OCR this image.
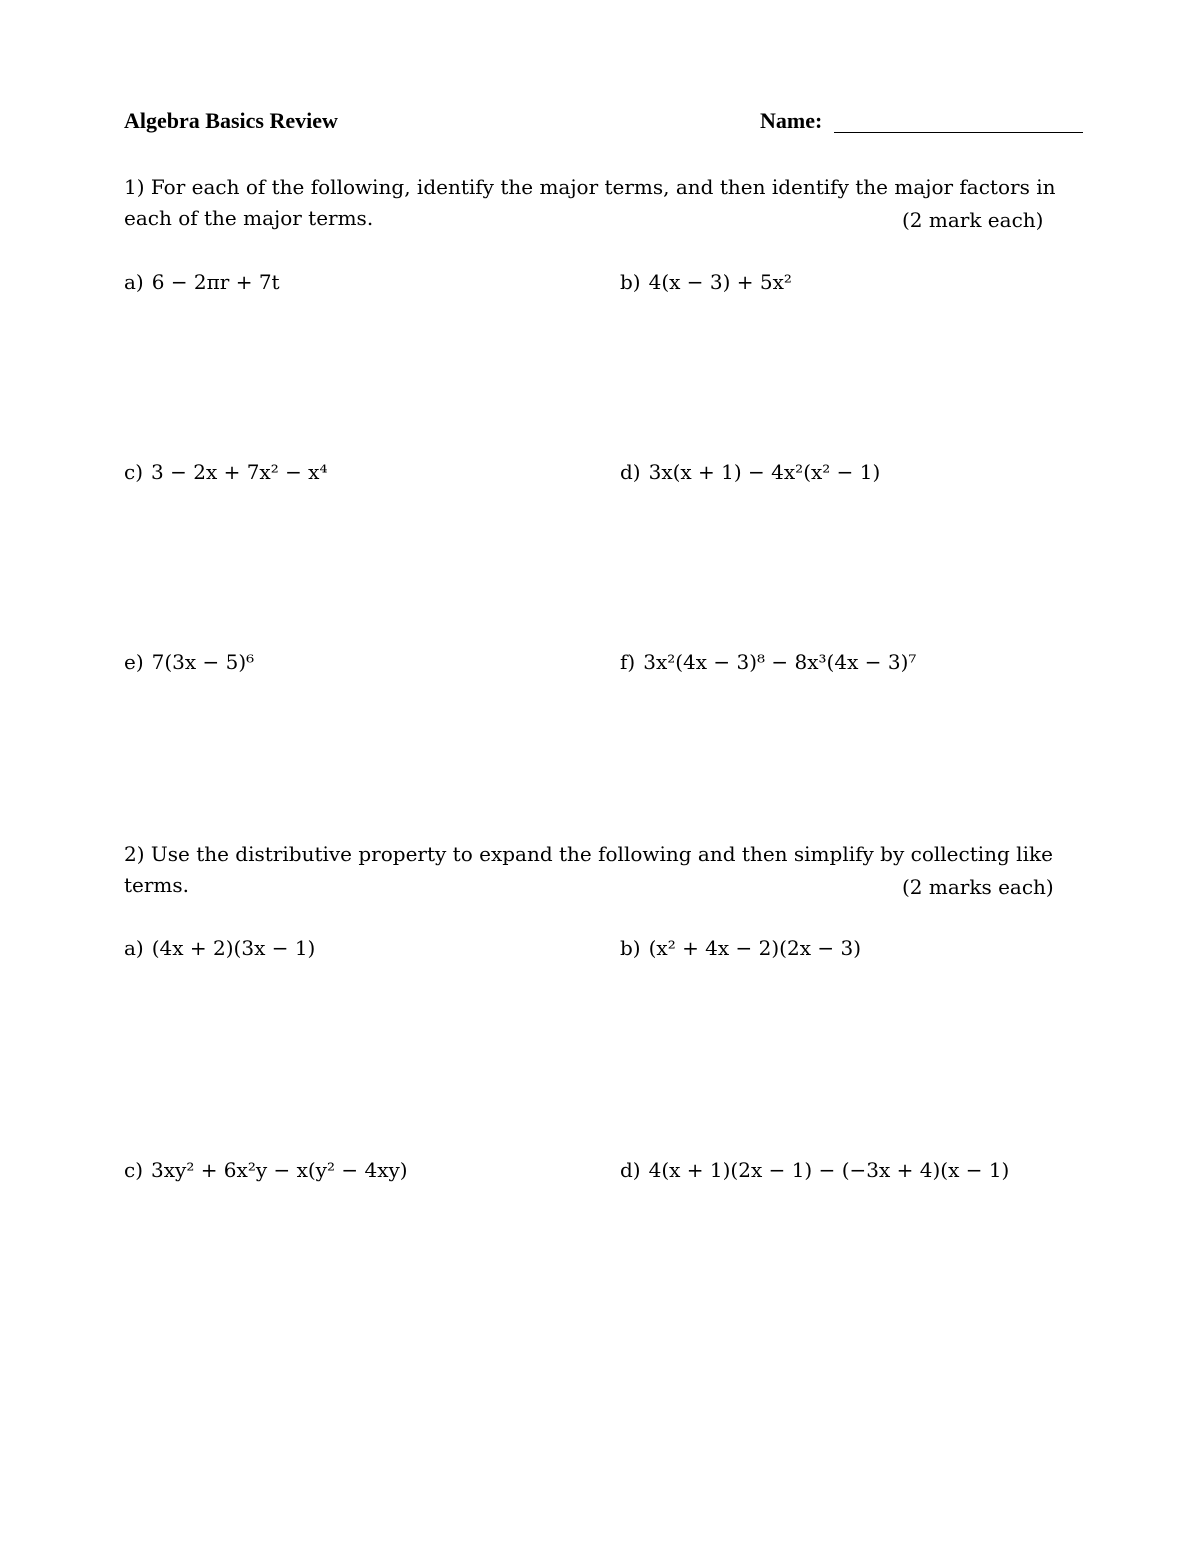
Algebra Basics Review	Name:
1) For each of the following, identify the major terms, and then identify the major factors in
each of the major terms.	(2 mark each)
a) 6 − 2πr + 7t	b) 4(x − 3) + 5x²
c) 3 − 2x + 7x² − x⁴	d) 3x(x + 1) − 4x²(x² − 1)
e) 7(3x − 5)⁶	f) 3x²(4x − 3)⁸ − 8x³(4x − 3)⁷
2) Use the distributive property to expand the following and then simplify by collecting like
terms.	(2 marks each)
a) (4x + 2)(3x − 1)	b) (x² + 4x − 2)(2x − 3)
c) 3xy² + 6x²y − x(y² − 4xy)	d) 4(x + 1)(2x − 1) − (−3x + 4)(x − 1)
